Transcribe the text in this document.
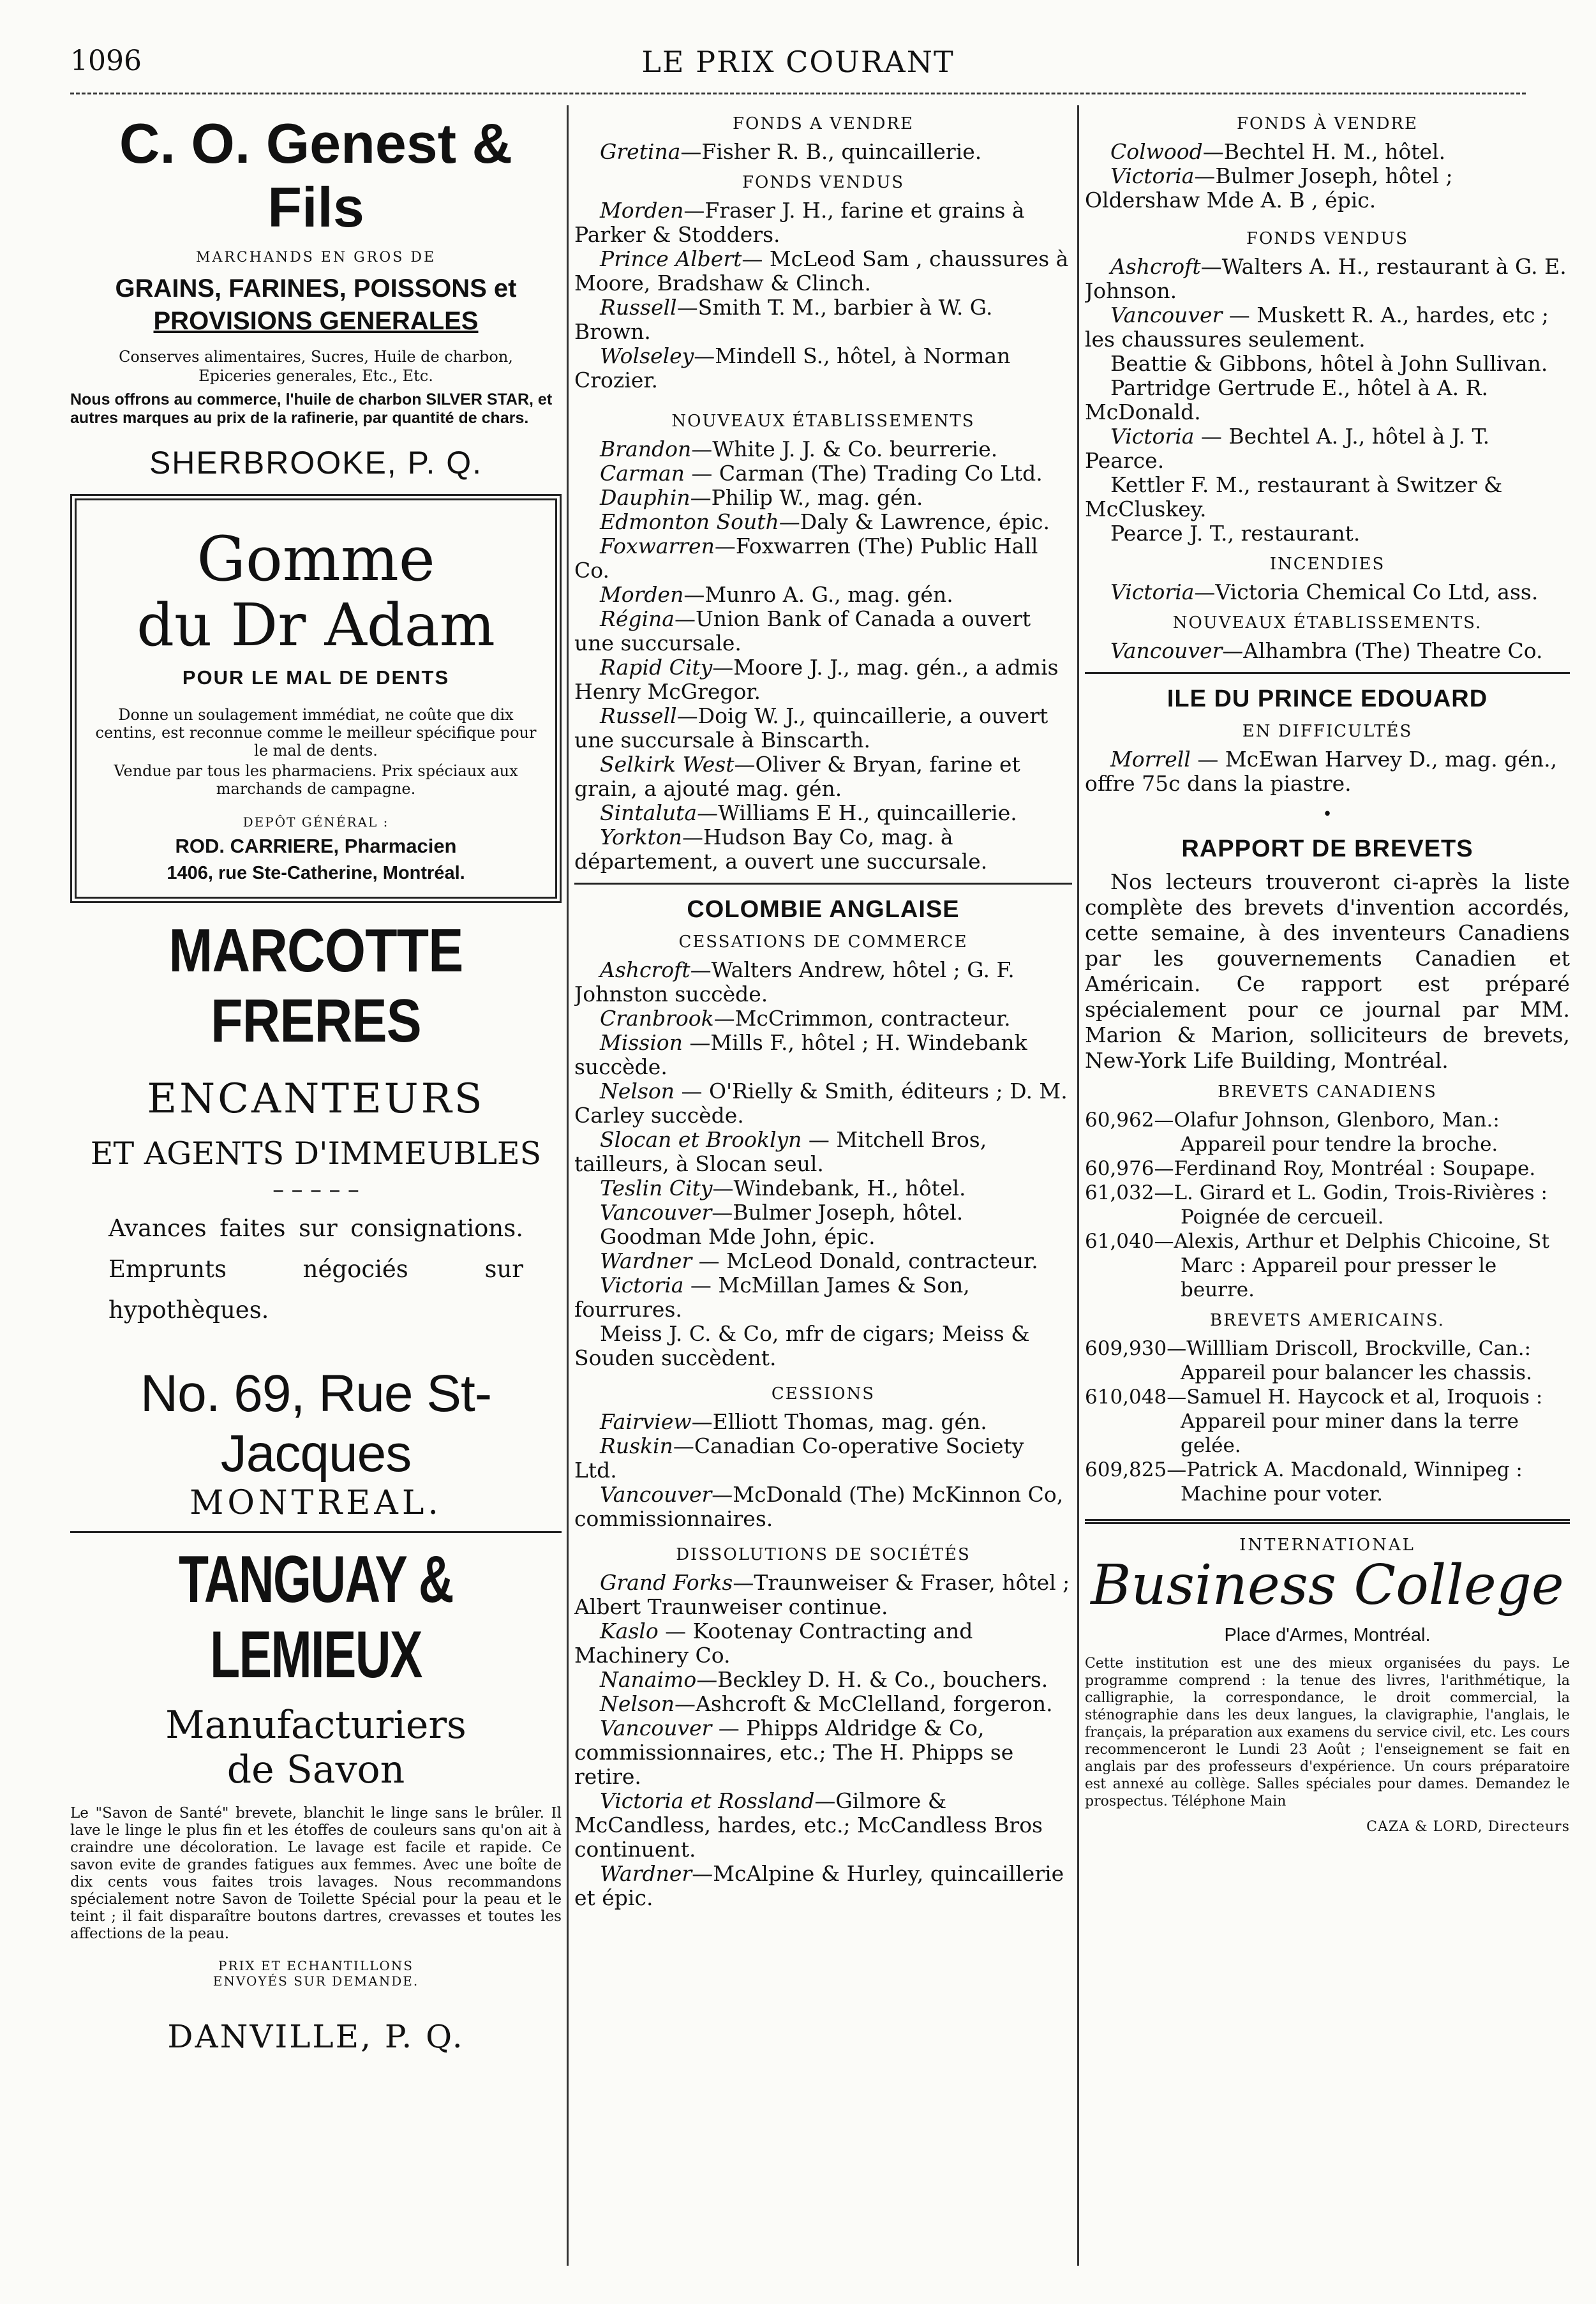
1096	LE PRIX COURANT
C. O. Genest & Fils
MARCHANDS EN GROS DE
GRAINS, FARINES, POISSONS et
PROVISIONS GENERALES
Conserves alimentaires, Sucres, Huile de charbon,
Epiceries generales, Etc., Etc.
Nous offrons au commerce, l'huile de charbon SILVER STAR, et autres marques au prix de la rafinerie, par quantité de chars.
SHERBROOKE, P. Q.
Gomme
du Dr Adam
POUR LE MAL DE DENTS
Donne un soulagement immédiat, ne coûte que dix centins, est reconnue comme le meilleur spécifique pour le mal de dents.
Vendue par tous les pharmaciens. Prix spéciaux aux marchands de campagne.
DEPÔT GÉNÉRAL :
ROD. CARRIERE, Pharmacien
1406, rue Ste-Catherine, Montréal.
MARCOTTE FRERES
ENCANTEURS
ET AGENTS D'IMMEUBLES
– – – – –
Avances faites sur consignations. Emprunts négociés sur hypothèques.
No. 69, Rue St-Jacques
MONTREAL.
TANGUAY & LEMIEUX
Manufacturiers
de Savon
Le "Savon de Santé" brevete, blanchit le linge sans le brûler. Il lave le linge le plus fin et les étoffes de couleurs sans qu'on ait à craindre une décoloration. Le lavage est facile et rapide. Ce savon evite de grandes fatigues aux femmes. Avec une boîte de dix cents vous faites trois lavages. Nous recommandons spécialement notre Savon de Toilette Spécial pour la peau et le teint ; il fait disparaître boutons dartres, crevasses et toutes les affections de la peau.
PRIX ET ECHANTILLONS
ENVOYÉS SUR DEMANDE.
DANVILLE, P. Q.
FONDS A VENDRE

Gretina—Fisher R. B., quincaillerie.

FONDS VENDUS

Morden—Fraser J. H., farine et grains à Parker & Stodders.

Prince Albert— McLeod Sam , chaussures à Moore, Bradshaw & Clinch.

Russell—Smith T. M., barbier à W. G. Brown.

Wolseley—Mindell S., hôtel, à Norman Crozier.

NOUVEAUX ÉTABLISSEMENTS

Brandon—White J. J. & Co. beurrerie.

Carman — Carman (The) Trading Co Ltd.

Dauphin—Philip W., mag. gén.

Edmonton South—Daly & Lawrence, épic.

Foxwarren—Foxwarren (The) Public Hall Co.

Morden—Munro A. G., mag. gén.

Régina—Union Bank of Canada a ouvert une succursale.

Rapid City—Moore J. J., mag. gén., a admis Henry McGregor.

Russell—Doig W. J., quincaillerie, a ouvert une succursale à Binscarth.

Selkirk West—Oliver & Bryan, farine et grain, a ajouté mag. gén.

Sintaluta—Williams E H., quincaillerie.

Yorkton—Hudson Bay Co, mag. à département, a ouvert une succursale.

COLOMBIE ANGLAISE
CESSATIONS DE COMMERCE

Ashcroft—Walters Andrew, hôtel ; G. F. Johnston succède.

Cranbrook—McCrimmon, contracteur.

Mission —Mills F., hôtel ; H. Windebank succède.

Nelson — O'Rielly & Smith, éditeurs ; D. M. Carley succède.

Slocan et Brooklyn — Mitchell Bros, tailleurs, à Slocan seul.

Teslin City—Windebank, H., hôtel.

Vancouver—Bulmer Joseph, hôtel.

Goodman Mde John, épic.

Wardner — McLeod Donald, contracteur.

Victoria — McMillan James & Son, fourrures.

Meiss J. C. & Co, mfr de cigars; Meiss & Souden succèdent.

CESSIONS

Fairview—Elliott Thomas, mag. gén.

Ruskin—Canadian Co-operative Society Ltd.

Vancouver—McDonald (The) McKinnon Co, commissionnaires.

DISSOLUTIONS DE SOCIÉTÉS

Grand Forks—Traunweiser & Fraser, hôtel ; Albert Traunweiser continue.

Kaslo — Kootenay Contracting and Machinery Co.

Nanaimo—Beckley D. H. & Co., bouchers.

Nelson—Ashcroft & McClelland, forgeron.

Vancouver — Phipps Aldridge & Co, commissionnaires, etc.; The H. Phipps se retire.

Victoria et Rossland—Gilmore & McCandless, hardes, etc.; McCandless Bros continuent.

Wardner—McAlpine & Hurley, quincaillerie et épic.

FONDS À VENDRE

Colwood—Bechtel H. M., hôtel.

Victoria—Bulmer Joseph, hôtel ; Oldershaw Mde A. B , épic.

FONDS VENDUS

Ashcroft—Walters A. H., restaurant à G. E. Johnson.

Vancouver — Muskett R. A., hardes, etc ; les chaussures seulement.

Beattie & Gibbons, hôtel à John Sullivan.

Partridge Gertrude E., hôtel à A. R. McDonald.

Victoria — Bechtel A. J., hôtel à J. T. Pearce.

Kettler F. M., restaurant à Switzer & McCluskey.

Pearce J. T., restaurant.

INCENDIES

Victoria—Victoria Chemical Co Ltd, ass.

NOUVEAUX ÉTABLISSEMENTS.

Vancouver—Alhambra (The) Theatre Co.

ILE DU PRINCE EDOUARD
EN DIFFICULTÉS

Morrell — McEwan Harvey D., mag. gén., offre 75c dans la piastre.

•
RAPPORT DE BREVETS

Nos lecteurs trouveront ci-après la liste complète des brevets d'invention accordés, cette semaine, à des inventeurs Canadiens par les gouvernements Canadien et Américain. Ce rapport est préparé spécialement pour ce journal par MM. Marion & Marion, solliciteurs de brevets, New-York Life Building, Montréal.

BREVETS CANADIENS

60,962—Olafur Johnson, Glenboro, Man.: Appareil pour tendre la broche.

60,976—Ferdinand Roy, Montréal : Soupape.

61,032—L. Girard et L. Godin, Trois-Rivières : Poignée de cercueil.

61,040—Alexis, Arthur et Delphis Chicoine, St Marc : Appareil pour presser le beurre.

BREVETS AMERICAINS.

609,930—Willliam Driscoll, Brockville, Can.: Appareil pour balancer les chassis.

610,048—Samuel H. Haycock et al, Iroquois : Appareil pour miner dans la terre gelée.

609,825—Patrick A. Macdonald, Winnipeg : Machine pour voter.

INTERNATIONAL
Business College
Place d'Armes, Montréal.
Cette institution est une des mieux organisées du pays. Le programme comprend : la tenue des livres, l'arithmétique, la calligraphie, la correspondance, le droit commercial, la sténographie dans les deux langues, la clavigraphie, l'anglais, le français, la préparation aux examens du service civil, etc. Les cours recommenceront le Lundi 23 Août ; l'enseignement se fait en anglais par des professeurs d'expérience. Un cours préparatoire est annexé au collège. Salles spéciales pour dames. Demandez le prospectus. Téléphone Main
CAZA & LORD, Directeurs
